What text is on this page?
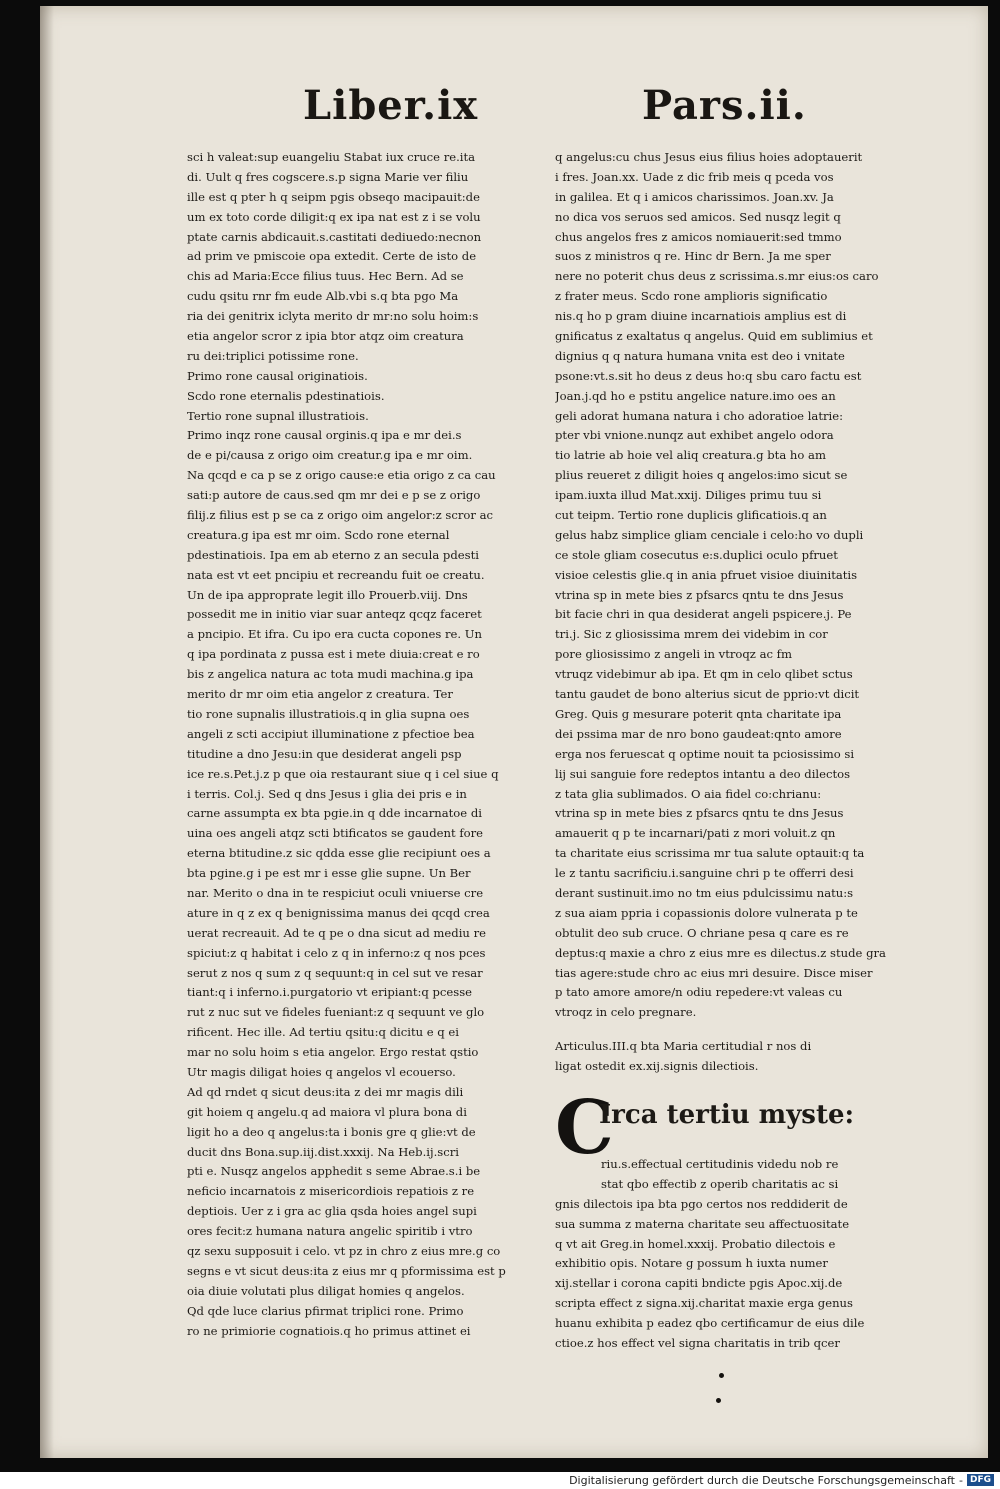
Liber.ix	Pars.ii.
sci h valeat:sup euangeliu Stabat iux cruce re.ita
di. Uult q fres cogscere.s.p signa Marie ver filiu
ille est q pter h q seipm pgis obseqo macipauit:de
um ex toto corde diligit:q ex ipa nat est z i se volu
ptate carnis abdicauit.s.castitati dediuedo:necnon
ad prim ve pmiscoie opa extedit. Certe de isto de
chis ad Maria:Ecce filius tuus. Hec Bern. Ad se
cudu qsitu rnr fm eude Alb.vbi s.q bta pgo Ma
ria dei genitrix iclyta merito dr mr:no solu hoim:s
etia angelor scror z ipia btor atqz oim creatura
ru dei:triplici potissime rone.
Primo rone causal originatiois.
Scdo rone eternalis pdestinatiois.
Tertio rone supnal illustratiois.
Primo inqz rone causal orginis.q ipa e mr dei.s
de e pi/causa z origo oim creatur.g ipa e mr oim.
Na qcqd e ca p se z origo cause:e etia origo z ca cau
sati:p autore de caus.sed qm mr dei e p se z origo
filij.z filius est p se ca z origo oim angelor:z scror ac
creatura.g ipa est mr oim. Scdo rone eternal
pdestinatiois. Ipa em ab eterno z an secula pdesti
nata est vt eet pncipiu et recreandu fuit oe creatu.
Un de ipa approprate legit illo Prouerb.viij. Dns
possedit me in initio viar suar anteqz qcqz faceret
a pncipio. Et ifra. Cu ipo era cucta copones re. Un
q ipa pordinata z pussa est i mete diuia:creat e ro
bis z angelica natura ac tota mudi machina.g ipa
merito dr mr oim etia angelor z creatura. Ter
tio rone supnalis illustratiois.q in glia supna oes
angeli z scti accipiut illuminatione z pfectioe bea
titudine a dno Jesu:in que desiderat angeli psp
ice re.s.Pet.j.z p que oia restaurant siue q i cel siue q
i terris. Col.j. Sed q dns Jesus i glia dei pris e in
carne assumpta ex bta pgie.in q dde incarnatoe di
uina oes angeli atqz scti btificatos se gaudent fore
eterna btitudine.z sic qdda esse glie recipiunt oes a
bta pgine.g i pe est mr i esse glie supne. Un Ber
nar. Merito o dna in te respiciut oculi vniuerse cre
ature in q z ex q benignissima manus dei qcqd crea
uerat recreauit. Ad te q pe o dna sicut ad mediu re
spiciut:z q habitat i celo z q in inferno:z q nos pces
serut z nos q sum z q sequunt:q in cel sut ve resar
tiant:q i inferno.i.purgatorio vt eripiant:q pcesse
rut z nuc sut ve fideles fueniant:z q sequunt ve glo
rificent. Hec ille. Ad tertiu qsitu:q dicitu e q ei
mar no solu hoim s etia angelor. Ergo restat qstio
Utr magis diligat hoies q angelos vl ecouerso.
Ad qd rndet q sicut deus:ita z dei mr magis dili
git hoiem q angelu.q ad maiora vl plura bona di
ligit ho a deo q angelus:ta i bonis gre q glie:vt de
ducit dns Bona.sup.iij.dist.xxxij. Na Heb.ij.scri
pti e. Nusqz angelos apphedit s seme Abrae.s.i be
neficio incarnatois z misericordiois repatiois z re
deptiois. Uer z i gra ac glia qsda hoies angel supi
ores fecit:z humana natura angelic spiritib i vtro
qz sexu supposuit i celo. vt pz in chro z eius mre.g co
segns e vt sicut deus:ita z eius mr q pformissima est p
oia diuie volutati plus diligat homies q angelos.
Qd qde luce clarius pfirmat triplici rone. Primo
ro ne primiorie cognatiois.q ho primus attinet ei
q angelus:cu chus Jesus eius filius hoies adoptauerit
i fres. Joan.xx. Uade z dic frib meis q pceda vos
in galilea. Et q i amicos charissimos. Joan.xv. Ja
no dica vos seruos sed amicos. Sed nusqz legit q
chus angelos fres z amicos nomiauerit:sed tmmo
suos z ministros q re. Hinc dr Bern. Ja me sper
nere no poterit chus deus z scrissima.s.mr eius:os caro
z frater meus. Scdo rone amplioris significatio
nis.q ho p gram diuine incarnatiois amplius est di
gnificatus z exaltatus q angelus. Quid em sublimius et
dignius q q natura humana vnita est deo i vnitate
psone:vt.s.sit ho deus z deus ho:q sbu caro factu est
Joan.j.qd ho e pstitu angelice nature.imo oes an
geli adorat humana natura i cho adoratioe latrie:
pter vbi vnione.nunqz aut exhibet angelo odora
tio latrie ab hoie vel aliq creatura.g bta ho am
plius reueret z diligit hoies q angelos:imo sicut se
ipam.iuxta illud Mat.xxij. Diliges primu tuu si
cut teipm. Tertio rone duplicis glificatiois.q an
gelus habz simplice gliam cenciale i celo:ho vo dupli
ce stole gliam cosecutus e:s.duplici oculo pfruet
visioe celestis glie.q in ania pfruet visioe diuinitatis
vtrina sp in mete bies z pfsarcs qntu te dns Jesus
bit facie chri in qua desiderat angeli pspicere.j. Pe
tri.j. Sic z gliosissima mrem dei videbim in cor
pore gliosissimo z angeli in vtroqz ac fm
vtruqz videbimur ab ipa. Et qm in celo qlibet sctus
tantu gaudet de bono alterius sicut de pprio:vt dicit
Greg. Quis g mesurare poterit qnta charitate ipa
dei pssima mar de nro bono gaudeat:qnto amore
erga nos feruescat q optime nouit ta pciosissimo si
lij sui sanguie fore redeptos intantu a deo dilectos
z tata glia sublimados. O aia fidel co:chrianu:
vtrina sp in mete bies z pfsarcs qntu te dns Jesus
amauerit q p te incarnari/pati z mori voluit.z qn
ta charitate eius scrissima mr tua salute optauit:q ta
le z tantu sacrificiu.i.sanguine chri p te offerri desi
derant sustinuit.imo no tm eius pdulcissimu natu:s
z sua aiam ppria i copassionis dolore vulnerata p te
obtulit deo sub cruce. O chriane pesa q care es re
deptus:q maxie a chro z eius mre es dilectus.z stude gra
tias agere:stude chro ac eius mri desuire. Disce miser
p tato amore amore/n odiu repedere:vt valeas cu
vtroqz in celo pregnare.
Articulus.III.q bta Maria certitudial r nos di
ligat ostedit ex.xij.signis dilectiois.
C
Irca tertiu myste:
riu.s.effectual certitudinis videdu nob re
stat qbo effectib z operib charitatis ac si
gnis dilectois ipa bta pgo certos nos reddiderit de
sua summa z materna charitate seu affectuositate
q vt ait Greg.in homel.xxxij. Probatio dilectois e
exhibitio opis. Notare g possum h iuxta numer
xij.stellar i corona capiti bndicte pgis Apoc.xij.de
scripta effect z signa.xij.charitat maxie erga genus
huanu exhibita p eadez qbo certificamur de eius dile
ctioe.z hos effect vel signa charitatis in trib qcer
Digitalisierung gefördert durch die Deutsche Forschungsgemeinschaft - DFG
